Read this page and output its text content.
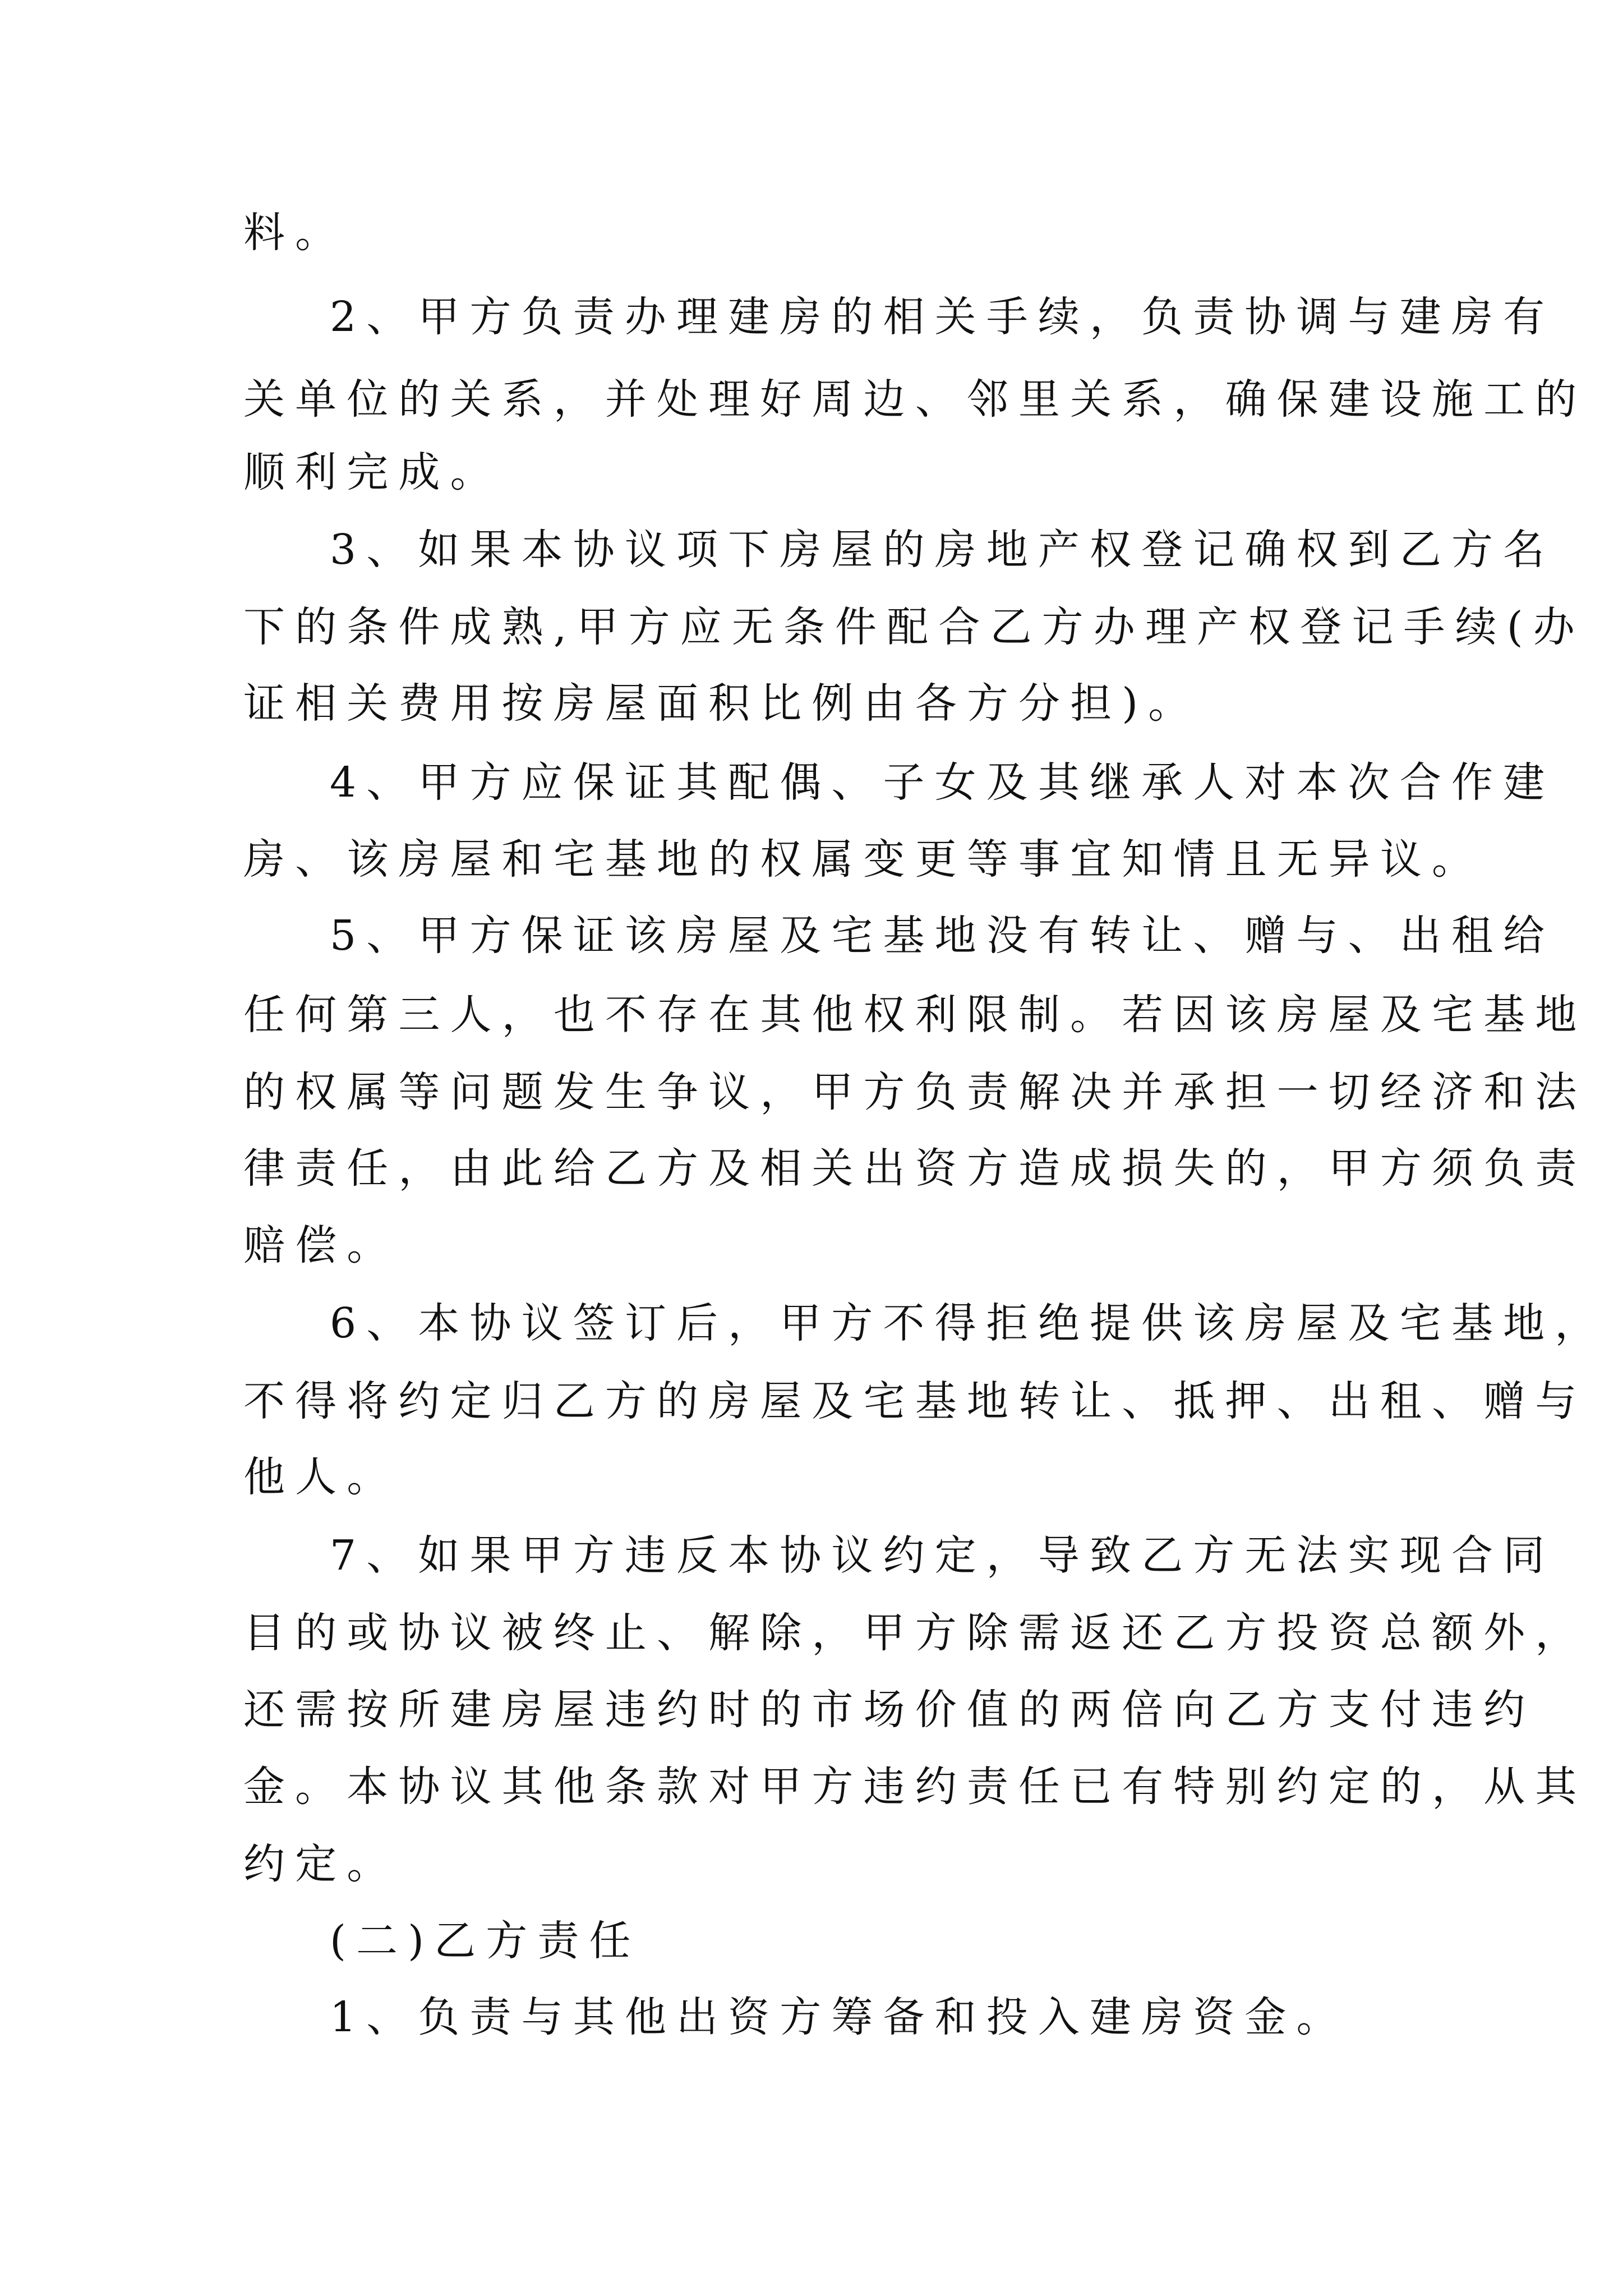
料。

2、甲方负责办理建房的相关手续，负责协调与建房有

关单位的关系，并处理好周边、邻里关系，确保建设施工的

顺利完成。

3、如果本协议项下房屋的房地产权登记确权到乙方名

下的条件成熟,甲方应无条件配合乙方办理产权登记手续(办

证相关费用按房屋面积比例由各方分担)。

4、甲方应保证其配偶、子女及其继承人对本次合作建

房、该房屋和宅基地的权属变更等事宜知情且无异议。

5、甲方保证该房屋及宅基地没有转让、赠与、出租给

任何第三人，也不存在其他权利限制。若因该房屋及宅基地

的权属等问题发生争议，甲方负责解决并承担一切经济和法

律责任，由此给乙方及相关出资方造成损失的，甲方须负责

赔偿。

6、本协议签订后，甲方不得拒绝提供该房屋及宅基地，

不得将约定归乙方的房屋及宅基地转让、抵押、出租、赠与

他人。

7、如果甲方违反本协议约定，导致乙方无法实现合同

目的或协议被终止、解除，甲方除需返还乙方投资总额外，

还需按所建房屋违约时的市场价值的两倍向乙方支付违约

金。本协议其他条款对甲方违约责任已有特别约定的，从其

约定。

(二)乙方责任

1、负责与其他出资方筹备和投入建房资金。
